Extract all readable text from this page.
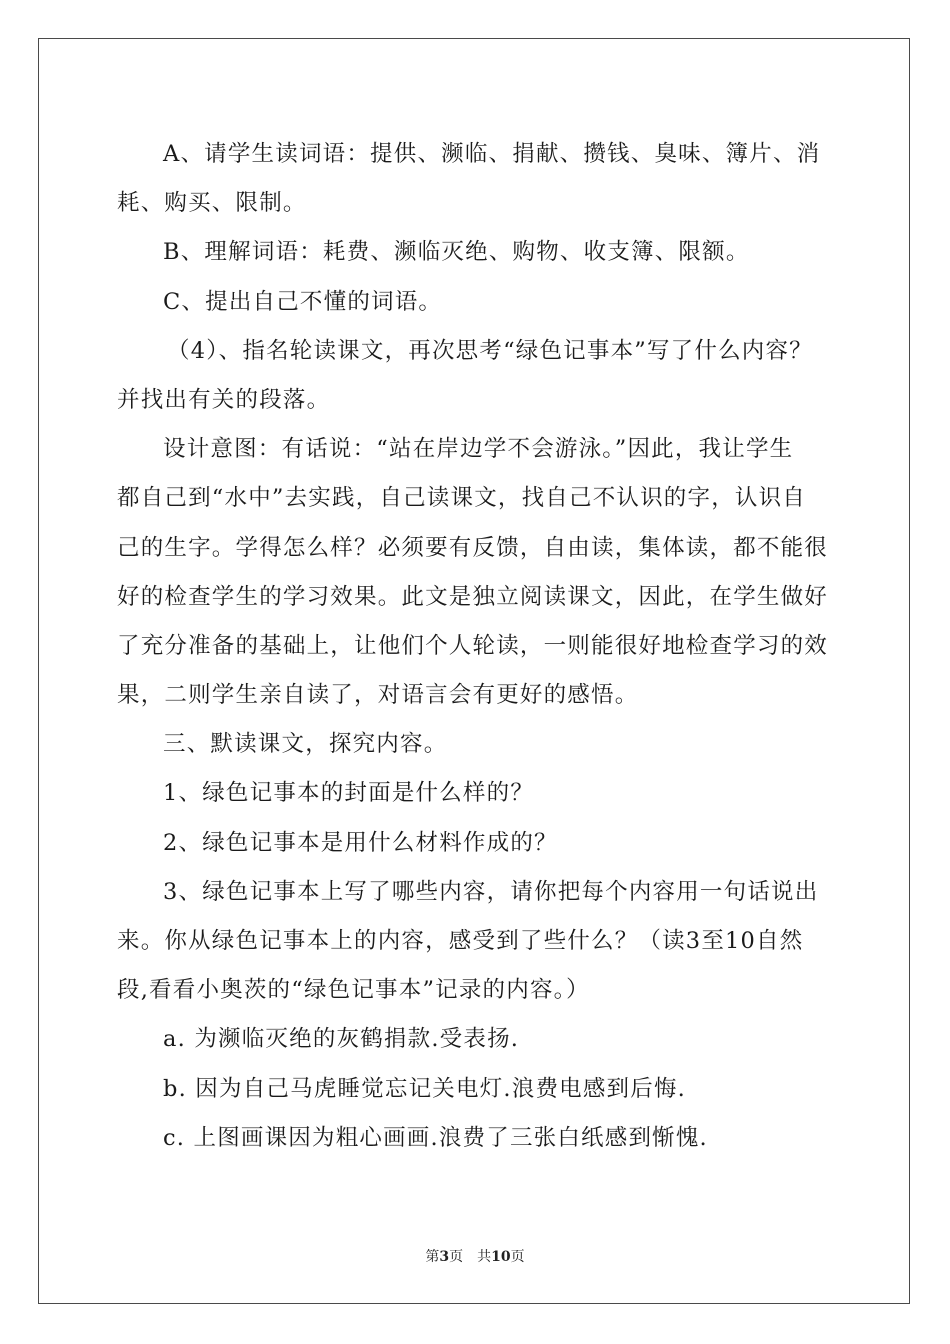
A、请学生读词语：提供、濒临、捐献、攒钱、臭味、簿片、消
耗、购买、限制。
B、理解词语：耗费、濒临灭绝、购物、收支簿、限额。
C、提出自己不懂的词语。
（4）、指名轮读课文，再次思考“绿色记事本”写了什么内容？
并找出有关的段落。
设计意图：有话说：“站在岸边学不会游泳。”因此，我让学生
都自己到“水中”去实践，自己读课文，找自己不认识的字，认识自
己的生字。学得怎么样？必须要有反馈，自由读，集体读，都不能很
好的检查学生的学习效果。此文是独立阅读课文，因此，在学生做好
了充分准备的基础上，让他们个人轮读，一则能很好地检查学习的效
果，二则学生亲自读了，对语言会有更好的感悟。
三、默读课文，探究内容。
1、绿色记事本的封面是什么样的？
2、绿色记事本是用什么材料作成的？
3、绿色记事本上写了哪些内容，请你把每个内容用一句话说出
来。你从绿色记事本上的内容，感受到了些什么？（读3至10自然
段,看看小奥茨的“绿色记事本”记录的内容。）
a. 为濒临灭绝的灰鹤捐款.受表扬.
b. 因为自己马虎睡觉忘记关电灯.浪费电感到后悔.
c. 上图画课因为粗心画画.浪费了三张白纸感到惭愧.
第3页　共10页
